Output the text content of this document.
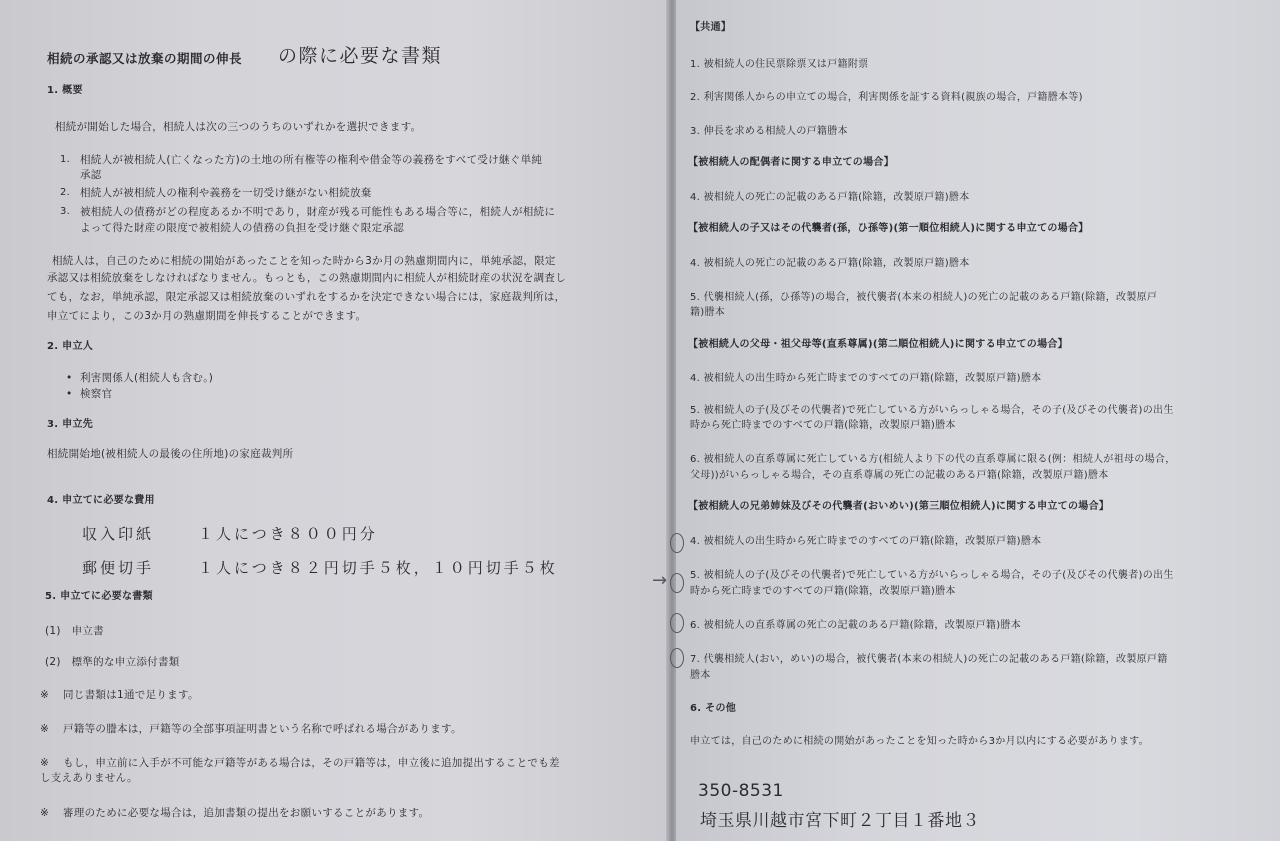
相続の承認又は放棄の期間の伸長 の際に必要な書類
1. 概要
相続が開始した場合，相続人は次の三つのうちのいずれかを選択できます。
1. 相続人が被相続人(亡くなった方)の土地の所有権等の権利や借金等の義務をすべて受け継ぐ単純
承認
2. 相続人が被相続人の権利や義務を一切受け継がない相続放棄
3. 被相続人の債務がどの程度あるか不明であり，財産が残る可能性もある場合等に，相続人が相続に
よって得た財産の限度で被相続人の債務の負担を受け継ぐ限定承認
相続人は，自己のために相続の開始があったことを知った時から3か月の熟慮期間内に，単純承認，限定
承認又は相続放棄をしなければなりません。もっとも，この熟慮期間内に相続人が相続財産の状況を調査し
ても，なお，単純承認，限定承認又は相続放棄のいずれをするかを決定できない場合には，家庭裁判所は，
申立てにより，この3か月の熟慮期間を伸長することができます。
2. 申立人
• 利害関係人(相続人も含む。)
• 検察官
3. 申立先
相続開始地(被相続人の最後の住所地)の家庭裁判所
4. 申立てに必要な費用
収入印紙	１人につき８００円分
郵便切手	１人につき８２円切手５枚，１０円切手５枚
5. 申立てに必要な書類
(1)　申立書
(2)　標準的な申立添付書類
※ 同じ書類は1通で足ります。
※ 戸籍等の謄本は，戸籍等の全部事項証明書という名称で呼ばれる場合があります。
※ もし，申立前に入手が不可能な戸籍等がある場合は，その戸籍等は，申立後に追加提出することでも差
し支えありません。
※ 審理のために必要な場合は，追加書類の提出をお願いすることがあります。
【共通】
1. 被相続人の住民票除票又は戸籍附票
2. 利害関係人からの申立ての場合，利害関係を証する資料(親族の場合，戸籍謄本等)
3. 伸長を求める相続人の戸籍謄本
【被相続人の配偶者に関する申立ての場合】
4. 被相続人の死亡の記載のある戸籍(除籍，改製原戸籍)謄本
【被相続人の子又はその代襲者(孫，ひ孫等)(第一順位相続人)に関する申立ての場合】
4. 被相続人の死亡の記載のある戸籍(除籍，改製原戸籍)謄本
5. 代襲相続人(孫，ひ孫等)の場合，被代襲者(本来の相続人)の死亡の記載のある戸籍(除籍，改製原戸
籍)謄本
【被相続人の父母・祖父母等(直系尊属)(第二順位相続人)に関する申立ての場合】
4. 被相続人の出生時から死亡時までのすべての戸籍(除籍，改製原戸籍)謄本
5. 被相続人の子(及びその代襲者)で死亡している方がいらっしゃる場合，その子(及びその代襲者)の出生
時から死亡時までのすべての戸籍(除籍，改製原戸籍)謄本
6. 被相続人の直系尊属に死亡している方(相続人より下の代の直系尊属に限る(例：相続人が祖母の場合，
父母))がいらっしゃる場合，その直系尊属の死亡の記載のある戸籍(除籍，改製原戸籍)謄本
【被相続人の兄弟姉妹及びその代襲者(おいめい)(第三順位相続人)に関する申立ての場合】
4. 被相続人の出生時から死亡時までのすべての戸籍(除籍，改製原戸籍)謄本
5. 被相続人の子(及びその代襲者)で死亡している方がいらっしゃる場合，その子(及びその代襲者)の出生
時から死亡時までのすべての戸籍(除籍，改製原戸籍)謄本
6. 被相続人の直系尊属の死亡の記載のある戸籍(除籍，改製原戸籍)謄本
7. 代襲相続人(おい，めい)の場合，被代襲者(本来の相続人)の死亡の記載のある戸籍(除籍，改製原戸籍
謄本
6. その他
申立ては，自己のために相続の開始があったことを知った時から3か月以内にする必要があります。
350-8531
埼玉県川越市宮下町２丁目１番地３
→
